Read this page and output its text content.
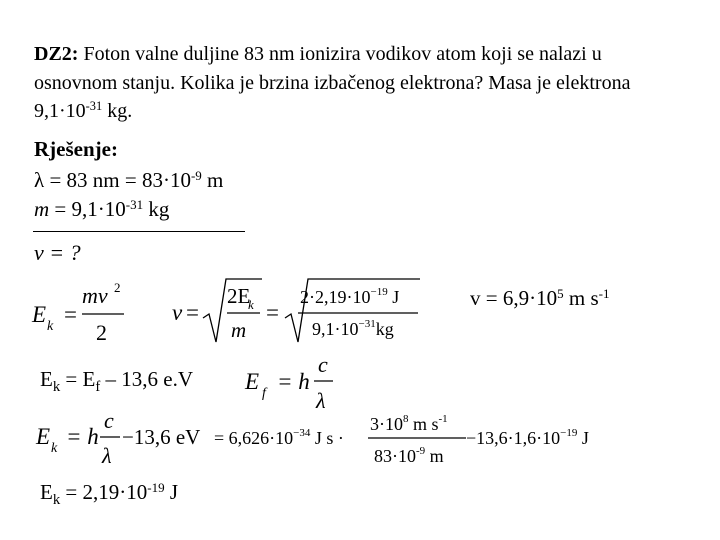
DZ2: Foton valne duljine 83 nm ionizira vodikov atom koji se nalazi u osnovnom stanju. Kolika je brzina izbačenog elektrona? Masa je elektrona $9,1\cdot 10^{-31}$ kg.
Rješenje:
λ = 83 nm = $83\cdot 10^{-9}$ m
$m = 9,1\cdot 10^{-31}$ kg
v = ?
$v = 6,9\cdot 10^5$ m $s^{-1}$
$E_k = E_f - 13,6$ e.V
$E_k = 2,19\cdot 10^{-19}$ J
E k =
mv 2
2
v =
2E
k
m
=
$2\cdot 2,19\cdot 10^{-19}$ J
$9,1\cdot 10^{-31}kg$
E f = h
c
λ
E k = h
c
λ
−13,6 eV = $6,626\cdot 10^{-34}$ J s ·
$3\cdot 10^8$ m $s^{-1}$
$83\cdot 10^{-9}$ m
$-13,6\cdot 1,6\cdot 10^{-19}$ J
